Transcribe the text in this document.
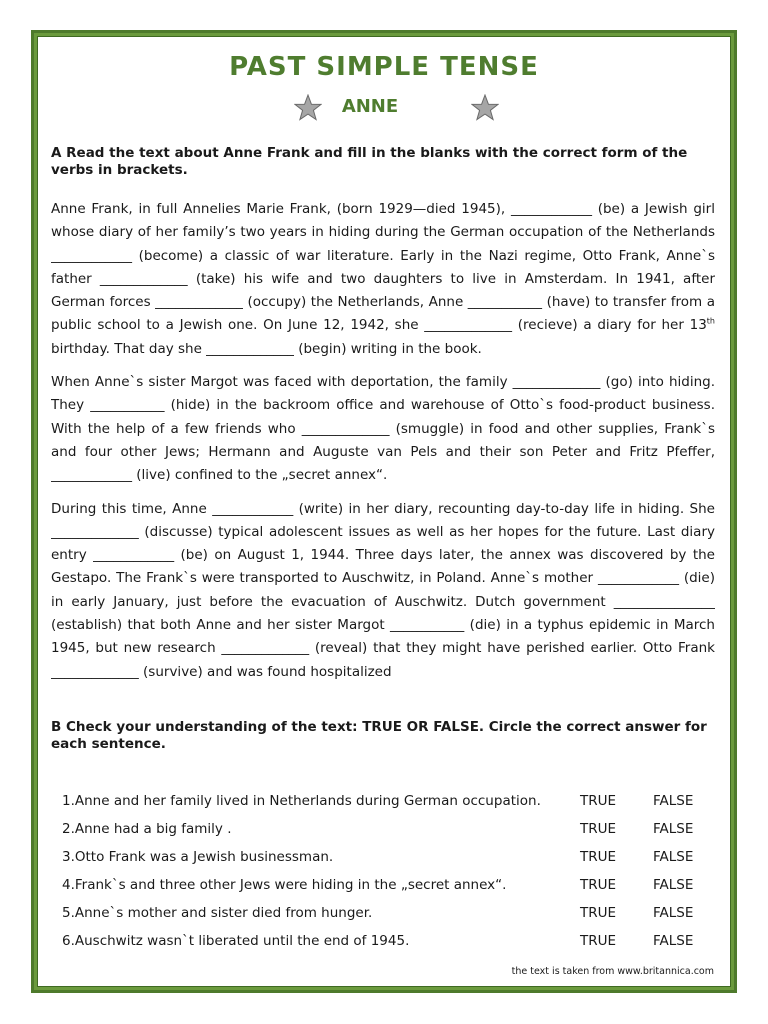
PAST SIMPLE TENSE
ANNE
A Read the text about Anne Frank and fill in the blanks with the correct form of the verbs in brackets.

Anne Frank, in full Annelies Marie Frank, (born 1929—died 1945), ____________ (be) a Jewish girl whose diary of her family’s two years in hiding during the German occupation of the Netherlands ____________ (become) a classic of war literature. Early in the Nazi regime, Otto Frank, Anne`s father _____________ (take) his wife and two daughters to live in Amsterdam. In 1941, after German forces _____________ (occupy) the Netherlands, Anne ___________ (have) to transfer from a public school to a Jewish one. On June 12, 1942, she _____________ (recieve) a diary for her 13th birthday. That day she _____________ (begin) writing in the book.

When Anne`s sister Margot was faced with deportation, the family _____________ (go) into hiding. They ___________ (hide) in the backroom office and warehouse of Otto`s food-product business. With the help of a few friends who _____________ (smuggle) in food and other supplies, Frank`s and four other Jews; Hermann and Auguste van Pels and their son Peter and Fritz Pfeffer, ____________ (live) confined to the „secret annex“.

During this time, Anne ____________ (write) in her diary, recounting day-to-day life in hiding. She _____________ (discusse) typical adolescent issues as well as her hopes for the future. Last diary entry ____________ (be) on August 1, 1944. Three days later, the annex was discovered by the Gestapo. The Frank`s were transported to Auschwitz, in Poland. Anne`s mother ____________ (die) in early January, just before the evacuation of Auschwitz. Dutch government _______________ (establish) that both Anne and her sister Margot ___________ (die) in a typhus epidemic in March 1945, but new research _____________ (reveal) that they might have perished earlier. Otto Frank _____________ (survive) and was found hospitalized

B Check your understanding of the text: TRUE OR FALSE. Circle the correct answer for each sentence.
1.Anne and her family lived in Netherlands during German occupation.	TRUE	FALSE
2.Anne had a big family .	TRUE	FALSE
3.Otto Frank was a Jewish businessman.	TRUE	FALSE
4.Frank`s and three other Jews were hiding in the „secret annex“.	TRUE	FALSE
5.Anne`s mother and sister died from hunger.	TRUE	FALSE
6.Auschwitz wasn`t liberated until the end of 1945.	TRUE	FALSE
the text is taken from www.britannica.com
